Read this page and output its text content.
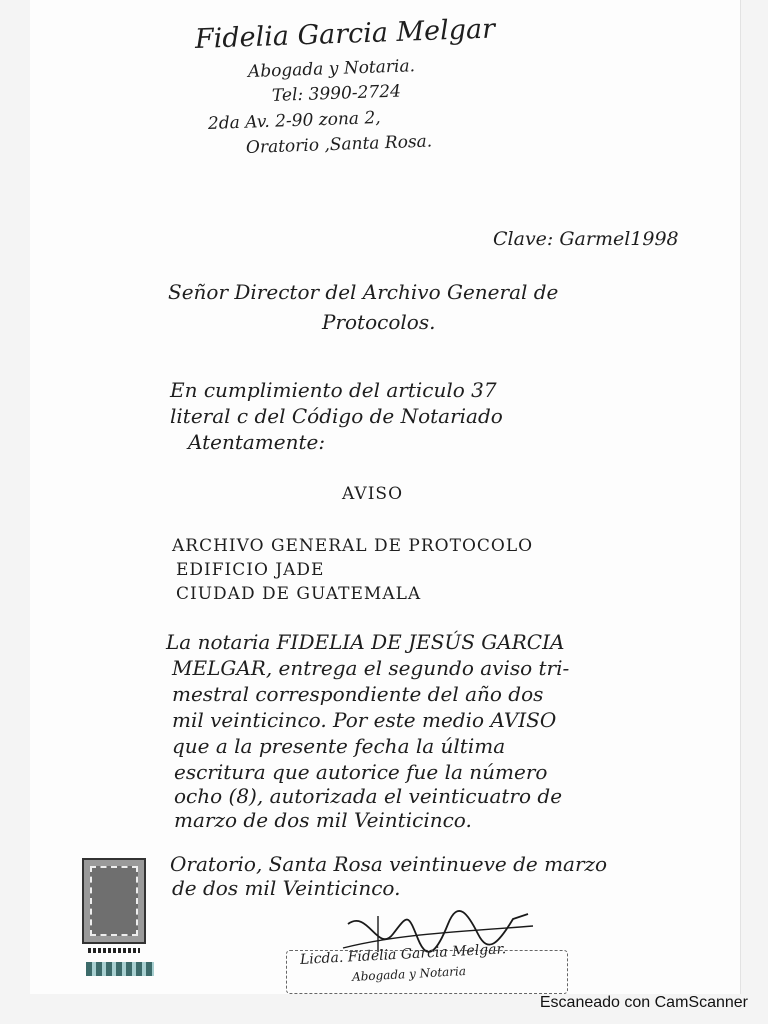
Fidelia Garcia Melgar
Abogada y Notaria.
Tel: 3990-2724
2da Av. 2-90 zona 2,
Oratorio ,Santa Rosa.
Clave: Garmel1998
Señor Director del Archivo General de
Protocolos.
En cumplimiento del articulo 37
literal c del Código de Notariado
Atentamente:
AVISO
ARCHIVO GENERAL DE PROTOCOLO
EDIFICIO JADE
CIUDAD DE GUATEMALA
La notaria FIDELIA DE JESÚS GARCIA
MELGAR, entrega el segundo aviso tri-
mestral correspondiente del año dos
mil veinticinco. Por este medio AVISO
que a la presente fecha la última
escritura que autorice fue la número
ocho (8), autorizada el veinticuatro de
marzo de dos mil Veinticinco.
Oratorio, Santa Rosa veintinueve de marzo
de dos mil Veinticinco.
Licda. Fidelia Garcia Melgar.
Abogada y Notaria
Escaneado con CamScanner
